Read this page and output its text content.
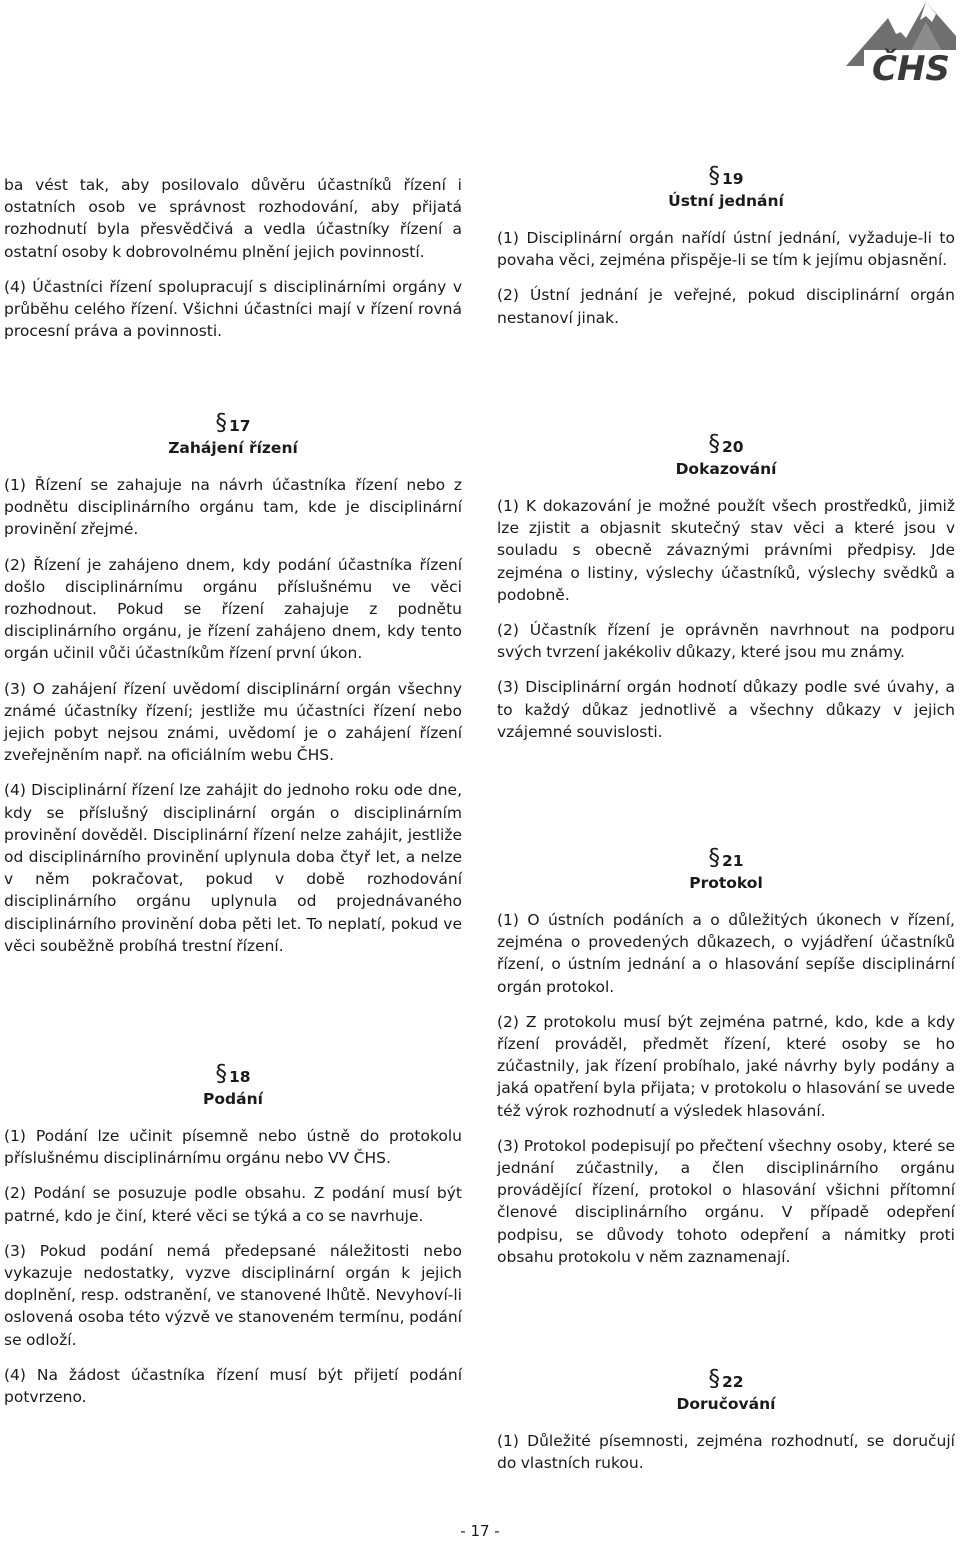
ČHS

ba vést tak, aby posilovalo důvěru účastníků řízení i ostatních osob ve správnost rozhodování, aby přijatá rozhodnutí byla přesvědčivá a vedla účastníky řízení a ostatní osoby k dobrovolnému plnění jejich povinností.

(4) Účastníci řízení spolupracují s disciplinárními orgány v průběhu celého řízení. Všichni účastníci mají v řízení rovná procesní práva a povinnosti.

§ 17
Zahájení řízení

(1) Řízení se zahajuje na návrh účastníka řízení nebo z podnětu disciplinárního orgánu tam, kde je disciplinární provinění zřejmé.

(2) Řízení je zahájeno dnem, kdy podání účastníka řízení došlo disciplinárnímu orgánu příslušnému ve věci rozhodnout. Pokud se řízení zahajuje z podnětu disciplinárního orgánu, je řízení zahájeno dnem, kdy tento orgán učinil vůči účastníkům řízení první úkon.

(3) O zahájení řízení uvědomí disciplinární orgán všechny známé účastníky řízení; jestliže mu účastníci řízení nebo jejich pobyt nejsou známi, uvědomí je o zahájení řízení zveřejněním např. na oficiálním webu ČHS.

(4) Disciplinární řízení lze zahájit do jednoho roku ode dne, kdy se příslušný disciplinární orgán o disciplinárním provinění dověděl. Disciplinární řízení nelze zahájit, jestliže od disciplinárního provinění uplynula doba čtyř let, a nelze v něm pokračovat, pokud v době rozhodování disciplinárního orgánu uplynula od projednávaného disciplinárního provinění doba pěti let. To neplatí, pokud ve věci souběžně probíhá trestní řízení.

§ 18
Podání

(1) Podání lze učinit písemně nebo ústně do protokolu příslušnému disciplinárnímu orgánu nebo VV ČHS.

(2) Podání se posuzuje podle obsahu. Z podání musí být patrné, kdo je činí, které věci se týká a co se navrhuje.

(3) Pokud podání nemá předepsané náležitosti nebo vykazuje nedostatky, vyzve disciplinární orgán k jejich doplnění, resp. odstranění, ve stanovené lhůtě. Nevyhoví-li oslovená osoba této výzvě ve stanoveném termínu, podání se odloží.

(4) Na žádost účastníka řízení musí být přijetí podání potvrzeno.

§ 19
Ústní jednání

(1) Disciplinární orgán nařídí ústní jednání, vyžaduje-li to povaha věci, zejména přispěje-li se tím k jejímu objasnění.

(2) Ústní jednání je veřejné, pokud disciplinární orgán nestanoví jinak.

§ 20
Dokazování

(1) K dokazování je možné použít všech prostředků, jimiž lze zjistit a objasnit skutečný stav věci a které jsou v souladu s obecně závaznými právními předpisy. Jde zejména o listiny, výslechy účastníků, výslechy svědků a podobně.

(2) Účastník řízení je oprávněn navrhnout na podporu svých tvrzení jakékoliv důkazy, které jsou mu známy.

(3) Disciplinární orgán hodnotí důkazy podle své úvahy, a to každý důkaz jednotlivě a všechny důkazy v jejich vzájemné souvislosti.

§ 21
Protokol

(1) O ústních podáních a o důležitých úkonech v řízení, zejména o provedených důkazech, o vyjádření účastníků řízení, o ústním jednání a o hlasování sepíše disciplinární orgán protokol.

(2) Z protokolu musí být zejména patrné, kdo, kde a kdy řízení prováděl, předmět řízení, které osoby se ho zúčastnily, jak řízení probíhalo, jaké návrhy byly podány a jaká opatření byla přijata; v protokolu o hlasování se uvede též výrok rozhodnutí a výsledek hlasování.

(3) Protokol podepisují po přečtení všechny osoby, které se jednání zúčastnily, a člen disciplinárního orgánu provádějící řízení, protokol o hlasování všichni přítomní členové disciplinárního orgánu. V případě odepření podpisu, se důvody tohoto odepření a námitky proti obsahu protokolu v něm zaznamenají.

§ 22
Doručování

(1) Důležité písemnosti, zejména rozhodnutí, se doručují do vlastních rukou.

- 17 -
